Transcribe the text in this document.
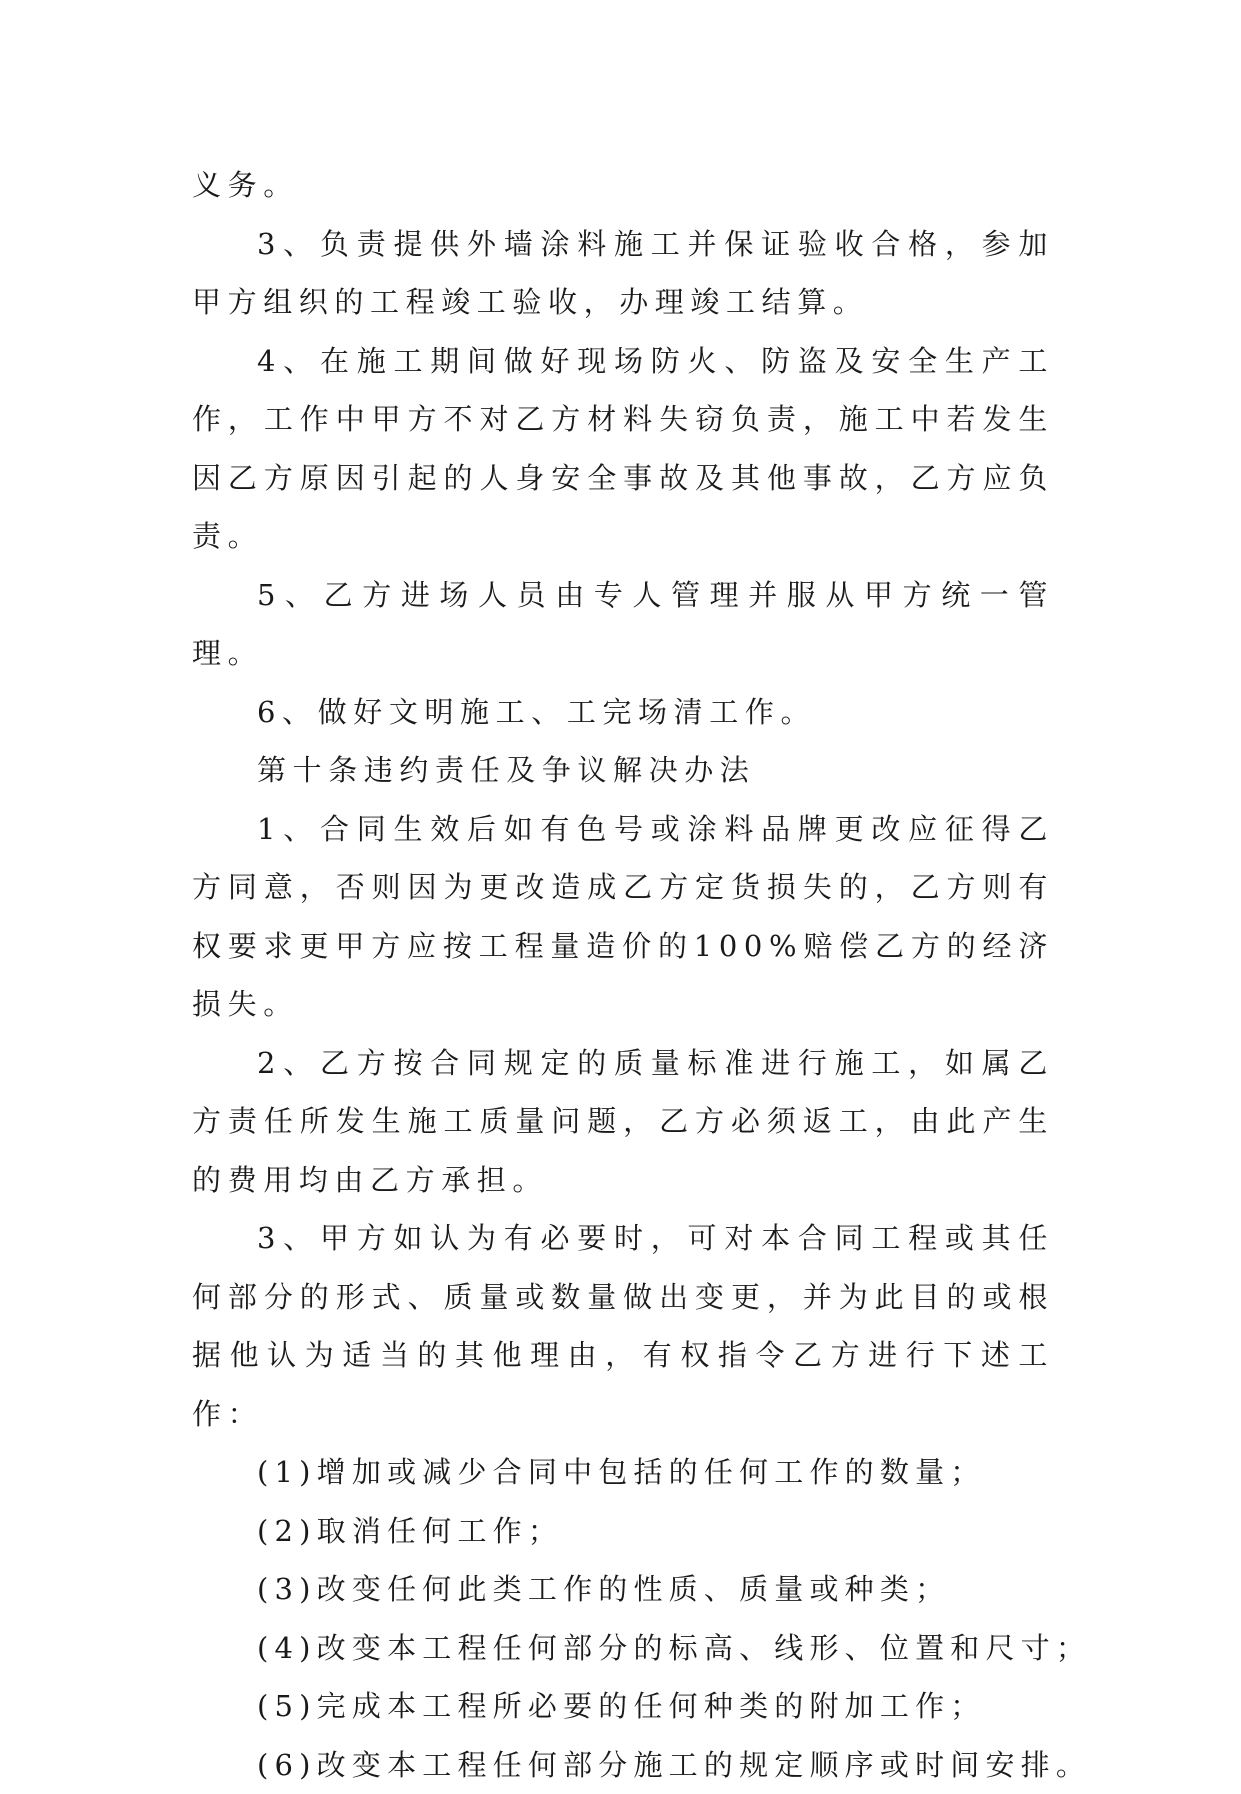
义务。

3、负责提供外墙涂料施工并保证验收合格，参加甲方组织的工程竣工验收，办理竣工结算。

4、在施工期间做好现场防火、防盗及安全生产工作，工作中甲方不对乙方材料失窃负责，施工中若发生因乙方原因引起的人身安全事故及其他事故，乙方应负责。

5、乙方进场人员由专人管理并服从甲方统一管理。

6、做好文明施工、工完场清工作。

第十条违约责任及争议解决办法

1、合同生效后如有色号或涂料品牌更改应征得乙方同意，否则因为更改造成乙方定货损失的，乙方则有权要求更甲方应按工程量造价的100%赔偿乙方的经济损失。

2、乙方按合同规定的质量标准进行施工，如属乙方责任所发生施工质量问题，乙方必须返工，由此产生的费用均由乙方承担。

3、甲方如认为有必要时，可对本合同工程或其任何部分的形式、质量或数量做出变更，并为此目的或根据他认为适当的其他理由，有权指令乙方进行下述工作：

(1)增加或减少合同中包括的任何工作的数量；

(2)取消任何工作；

(3)改变任何此类工作的性质、质量或种类；

(4)改变本工程任何部分的标高、线形、位置和尺寸；

(5)完成本工程所必要的任何种类的附加工作；

(6)改变本工程任何部分施工的规定顺序或时间安排。
